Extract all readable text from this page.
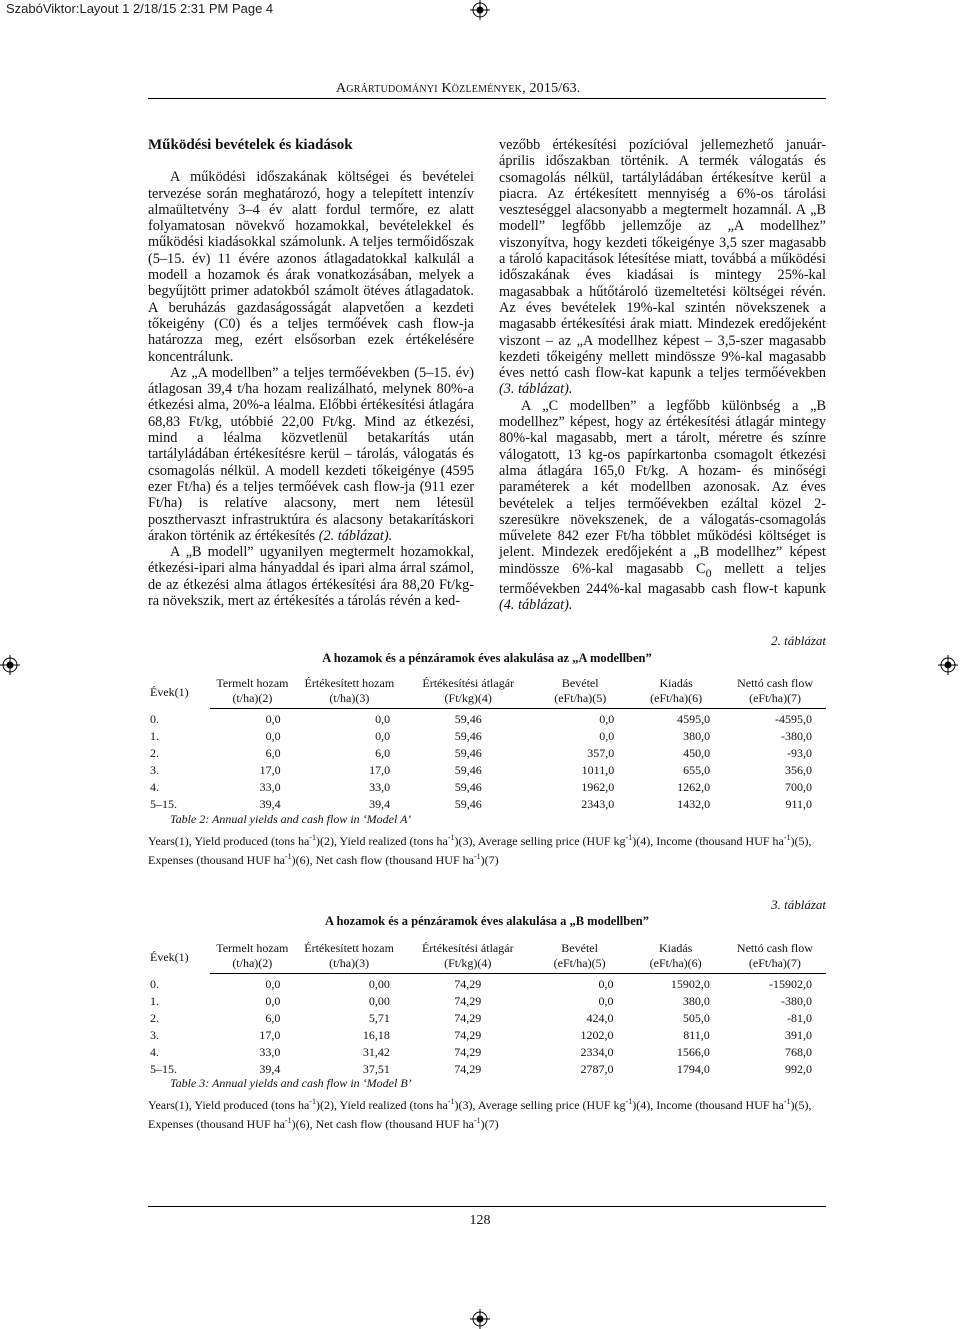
SzabóViktor:Layout 1 2/18/15 2:31 PM Page 4
Agrártudományi Közlemények, 2015/63.
Működési bevételek és kiadások

A működési időszakának költségei és bevételei tervezése során meghatározó, hogy a telepített intenzív almaültetvény 3–4 év alatt fordul termőre, ez alatt folyamatosan növekvő hozamokkal, bevételekkel és működési kiadásokkal számolunk. A teljes termőidőszak (5–15. év) 11 évére azonos átlagadatokkal kalkulál a modell a hozamok és árak vonatkozásában, melyek a begyűjtött primer adatokból számolt ötéves átlagadatok. A beruházás gazdaságosságát alapvetően a kezdeti tőkeigény (C0) és a teljes termőévek cash flow-ja határozza meg, ezért elsősorban ezek értékelésére koncentrálunk.

Az „A modellben” a teljes termőévekben (5–15. év) átlagosan 39,4 t/ha hozam realizálható, melynek 80%-a étkezési alma, 20%-a léalma. Előbbi értékesítési átlagára 68,83 Ft/kg, utóbbié 22,00 Ft/kg. Mind az étkezési, mind a léalma közvetlenül betakarítás után tartályládában értékesítésre kerül – tárolás, válogatás és csomagolás nélkül. A modell kezdeti tőkeigénye (4595 ezer Ft/ha) és a teljes termőévek cash flow-ja (911 ezer Ft/ha) is relatíve alacsony, mert nem létesül poszthervaszt infrastruktúra és alacsony betakarításkori árakon történik az értékesítés (2. táblázat).

A „B modell” ugyanilyen megtermelt hozamokkal, étkezési-ipari alma hányaddal és ipari alma árral számol, de az étkezési alma átlagos értékesítési ára 88,20 Ft/kg-ra növekszik, mert az értékesítés a tárolás révén a ked-

vezőbb értékesítési pozícióval jellemezhető január-április időszakban történik. A termék válogatás és csomagolás nélkül, tartályládában értékesítve kerül a piacra. Az értékesített mennyiség a 6%-os tárolási veszteséggel alacsonyabb a megtermelt hozamnál. A „B modell” legfőbb jellemzője az „A modellhez” viszonyítva, hogy kezdeti tőkeigénye 3,5 szer magasabb a tároló kapacitások létesítése miatt, továbbá a működési időszakának éves kiadásai is mintegy 25%-kal magasabbak a hűtőtároló üzemeltetési költségei révén. Az éves bevételek 19%-kal szintén növekszenek a magasabb értékesítési árak miatt. Mindezek eredőjeként viszont – az „A modellhez képest – 3,5-szer magasabb kezdeti tőkeigény mellett mindössze 9%-kal magasabb éves nettó cash flow-kat kapunk a teljes termőévekben (3. táblázat).

A „C modellben” a legfőbb különbség a „B modellhez” képest, hogy az értékesítési átlagár mintegy 80%-kal magasabb, mert a tárolt, méretre és színre válogatott, 13 kg-os papírkartonba csomagolt étkezési alma átlagára 165,0 Ft/kg. A hozam- és minőségi paraméterek a két modellben azonosak. Az éves bevételek a teljes termőévekben ezáltal közel 2-szeresükre növekszenek, de a válogatás-csomagolás művelete 842 ezer Ft/ha többlet működési költséget is jelent. Mindezek eredőjeként a „B modellhez” képest mindössze 6%-kal magasabb $C_0$ mellett a teljes termőévekben 244%-kal magasabb cash flow-t kapunk (4. táblázat).

2. táblázat
A hozamok és a pénzáramok éves alakulása az „A modellben”
Évek(1)	Termelt hozam	Értékesített hozam	Értékesítési átlagár	Bevétel	Kiadás	Nettó cash flow
	(t/ha)(2)	(t/ha)(3)	(Ft/kg)(4)	(eFt/ha)(5)	(eFt/ha)(6)	(eFt/ha)(7)
0.	0,0	0,0	59,46	0,0	4595,0	-4595,0
1.	0,0	0,0	59,46	0,0	380,0	-380,0
2.	6,0	6,0	59,46	357,0	450,0	-93,0
3.	17,0	17,0	59,46	1011,0	655,0	356,0
4.	33,0	33,0	59,46	1962,0	1262,0	700,0
5–15.	39,4	39,4	59,46	2343,0	1432,0	911,0
Table 2: Annual yields and cash flow in ‘Model A’
Years(1), Yield produced (tons $ha^{-1})(2)$, Yield realized (tons $ha^{-1})(3)$, Average selling price (HUF $kg^{-1})(4)$, Income (thousand HUF $ha^{-1})(5)$, Expenses (thousand HUF $ha^{-1})(6)$, Net cash flow (thousand HUF $ha^{-1})(7)$
3. táblázat
A hozamok és a pénzáramok éves alakulása a „B modellben”
Évek(1)	Termelt hozam	Értékesített hozam	Értékesítési átlagár	Bevétel	Kiadás	Nettó cash flow
	(t/ha)(2)	(t/ha)(3)	(Ft/kg)(4)	(eFt/ha)(5)	(eFt/ha)(6)	(eFt/ha)(7)
0.	0,0	0,00	74,29	0,0	15902,0	-15902,0
1.	0,0	0,00	74,29	0,0	380,0	-380,0
2.	6,0	5,71	74,29	424,0	505,0	-81,0
3.	17,0	16,18	74,29	1202,0	811,0	391,0
4.	33,0	31,42	74,29	2334,0	1566,0	768,0
5–15.	39,4	37,51	74,29	2787,0	1794,0	992,0
Table 3: Annual yields and cash flow in ‘Model B’
Years(1), Yield produced (tons $ha^{-1})(2)$, Yield realized (tons $ha^{-1})(3)$, Average selling price (HUF $kg^{-1})(4)$, Income (thousand HUF $ha^{-1})(5)$, Expenses (thousand HUF $ha^{-1})(6)$, Net cash flow (thousand HUF $ha^{-1})(7)$
128
